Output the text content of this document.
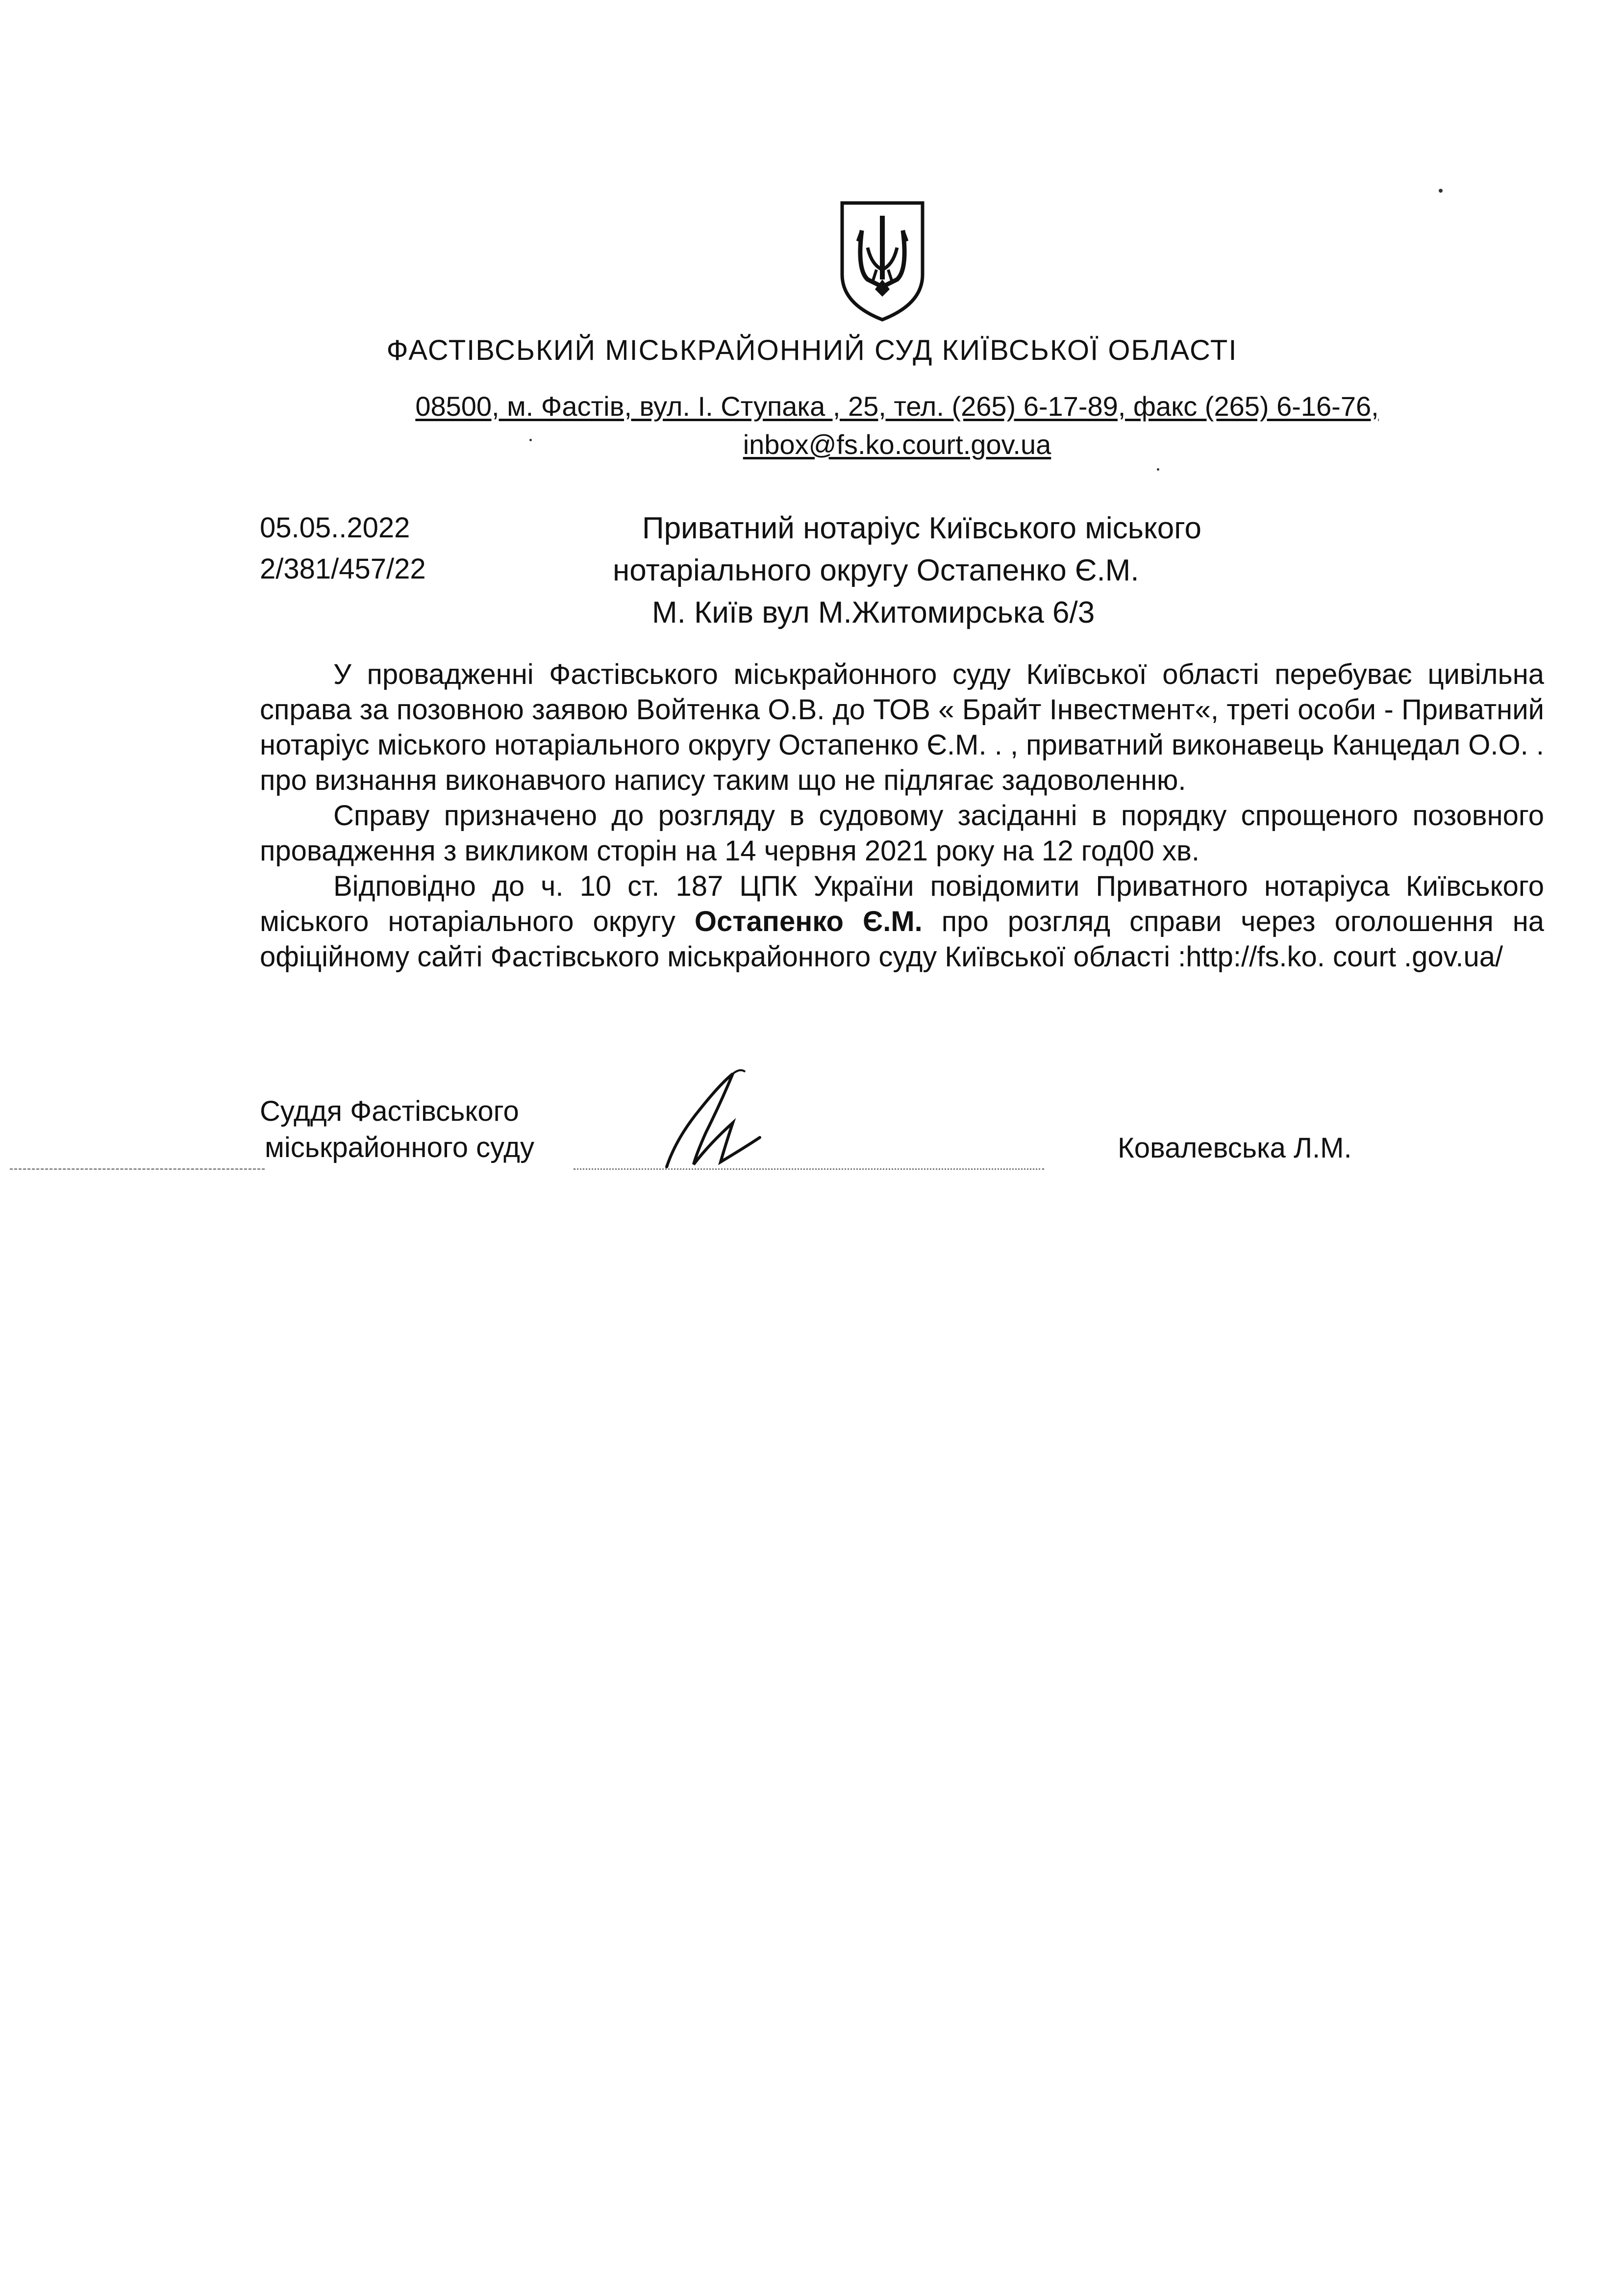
ФАСТІВСЬКИЙ МІСЬКРАЙОННИЙ СУД КИЇВСЬКОЇ ОБЛАСТІ
08500, м. Фастів, вул. І. Ступака , 25, тел. (265) 6-17-89, факс (265) 6-16-76,
inbox@fs.ko.court.gov.ua
05.05..2022
2/381/457/22
Приватний нотаріус Київського міського
нотаріального округу Остапенко Є.М.
М. Київ вул М.Житомирська 6/3

У провадженні Фастівського міськрайонного суду Київської області перебуває цивільна справа за позовною заявою Войтенка О.В. до ТОВ « Брайт Інвестмент«, треті особи - Приватний нотаріус міського нотаріального округу Остапенко Є.М. . , приватний виконавець Канцедал О.О. . про визнання виконавчого напису таким що не підлягає задоволенню.

Справу призначено до розгляду в судовому засіданні в порядку спрощеного позовного провадження з викликом сторін на 14 червня 2021 року на 12 год00 хв.

Відповідно до ч. 10 ст. 187 ЦПК України повідомити Приватного нотаріуса Київського міського нотаріального округу Остапенко Є.М. про розгляд справи через оголошення на офіційному сайті Фастівського міськрайонного суду Київської області :http://fs.ko. court .gov.ua/

Суддя Фастівського
міськрайонного суду	Ковалевська Л.М.
